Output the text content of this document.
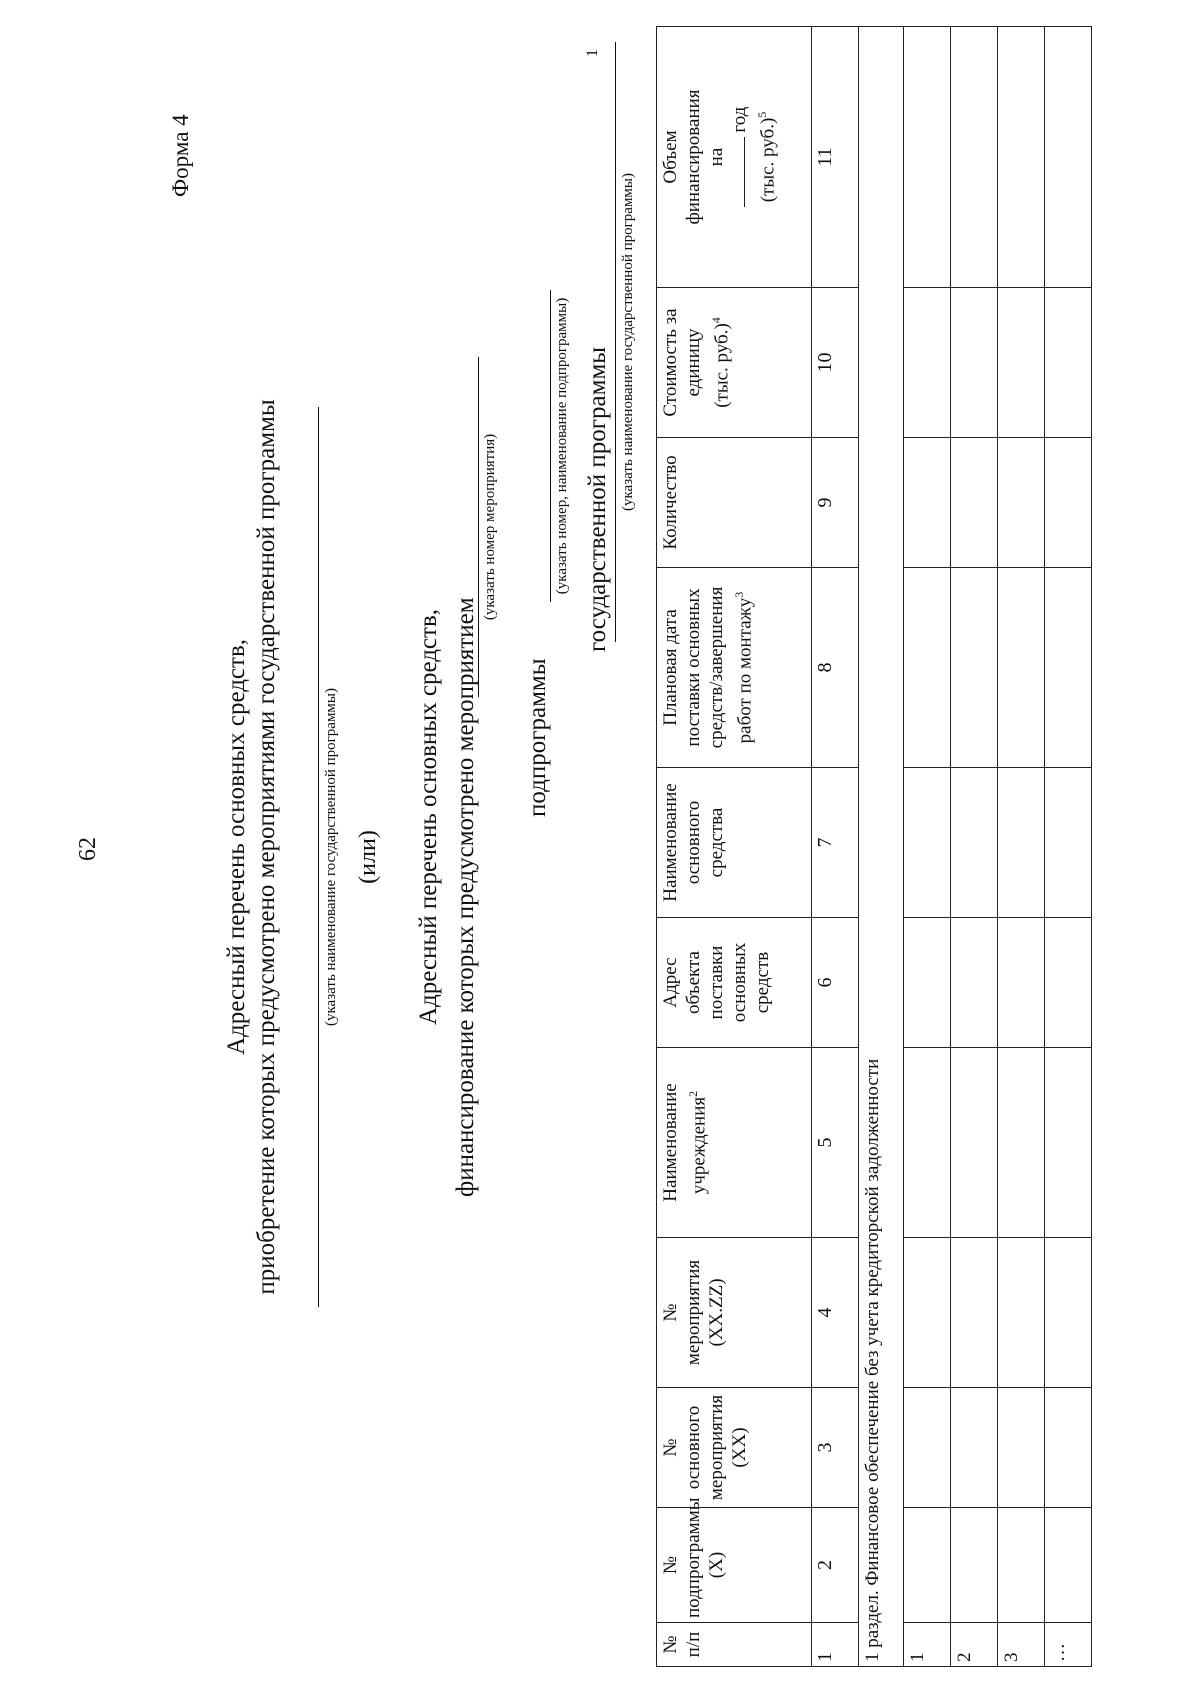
62
Форма 4
Адресный перечень основных средств, приобретение которых предусмотрено мероприятиями государственной программы	(указать наименование государственной программы) (или) Адресный перечень основных средств, финансирование которых предусмотрено мероприятием
(указать номер мероприятия)
подпрограммы
(указать номер, наименование подпрограммы) государственной программы (указать наименование государственной программы)
1
№
п/п	№
подпрограммы
(X)	№
основного
мероприятия
(XX)	№
мероприятия
(XX.ZZ)	Наименование
учреждения$^2$	Адрес
объекта
поставки
основных
средств	Наименование
основного
средства	Плановая дата
поставки основных
средств/завершения
работ по монтажу$^3$	Количество	Стоимость за
единицу
(тыс. руб.)$^4$	Объем
финансирования
на
год (тыс. руб.)$^5$
1	2	3	4	5	6	7	8	9	10	11
1 раздел. Финансовое обеспечение без учета кредиторской задолженности										
1										
2										
3										
…										
